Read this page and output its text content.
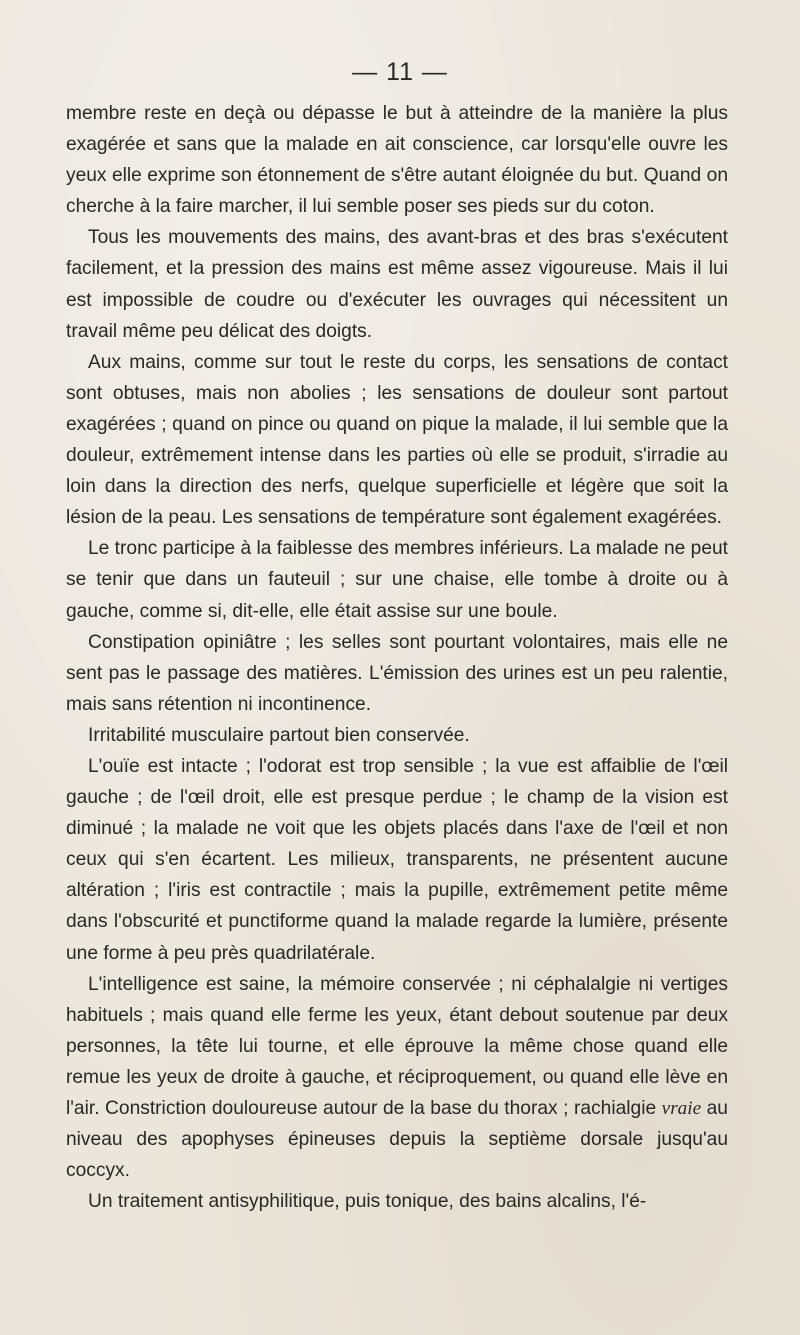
— 11 —

membre reste en deçà ou dépasse le but à atteindre de la manière la plus exagérée et sans que la malade en ait conscience, car lorsqu'elle ouvre les yeux elle exprime son étonnement de s'être autant éloignée du but. Quand on cherche à la faire marcher, il lui semble poser ses pieds sur du coton.

Tous les mouvements des mains, des avant-bras et des bras s'exécutent facilement, et la pression des mains est même assez vigoureuse. Mais il lui est impossible de coudre ou d'exécuter les ouvrages qui nécessitent un travail même peu délicat des doigts.

Aux mains, comme sur tout le reste du corps, les sensations de contact sont obtuses, mais non abolies ; les sensations de douleur sont partout exagérées ; quand on pince ou quand on pique la malade, il lui semble que la douleur, extrêmement intense dans les parties où elle se produit, s'irradie au loin dans la direction des nerfs, quelque superficielle et légère que soit la lésion de la peau. Les sensations de température sont également exagérées.

Le tronc participe à la faiblesse des membres inférieurs. La malade ne peut se tenir que dans un fauteuil ; sur une chaise, elle tombe à droite ou à gauche, comme si, dit-elle, elle était assise sur une boule.

Constipation opiniâtre ; les selles sont pourtant volontaires, mais elle ne sent pas le passage des matières. L'émission des urines est un peu ralentie, mais sans rétention ni incontinence.

Irritabilité musculaire partout bien conservée.

L'ouïe est intacte ; l'odorat est trop sensible ; la vue est affaiblie de l'œil gauche ; de l'œil droit, elle est presque perdue ; le champ de la vision est diminué ; la malade ne voit que les objets placés dans l'axe de l'œil et non ceux qui s'en écartent. Les milieux, transparents, ne présentent aucune altération ; l'iris est contractile ; mais la pupille, extrêmement petite même dans l'obscurité et punctiforme quand la malade regarde la lumière, présente une forme à peu près quadrilatérale.

L'intelligence est saine, la mémoire conservée ; ni céphalalgie ni vertiges habituels ; mais quand elle ferme les yeux, étant debout soutenue par deux personnes, la tête lui tourne, et elle éprouve la même chose quand elle remue les yeux de droite à gauche, et réciproquement, ou quand elle lève en l'air. Constriction douloureuse autour de la base du thorax ; rachialgie vraie au niveau des apophyses épineuses depuis la septième dorsale jusqu'au coccyx.

Un traitement antisyphilitique, puis tonique, des bains alcalins, l'é-
